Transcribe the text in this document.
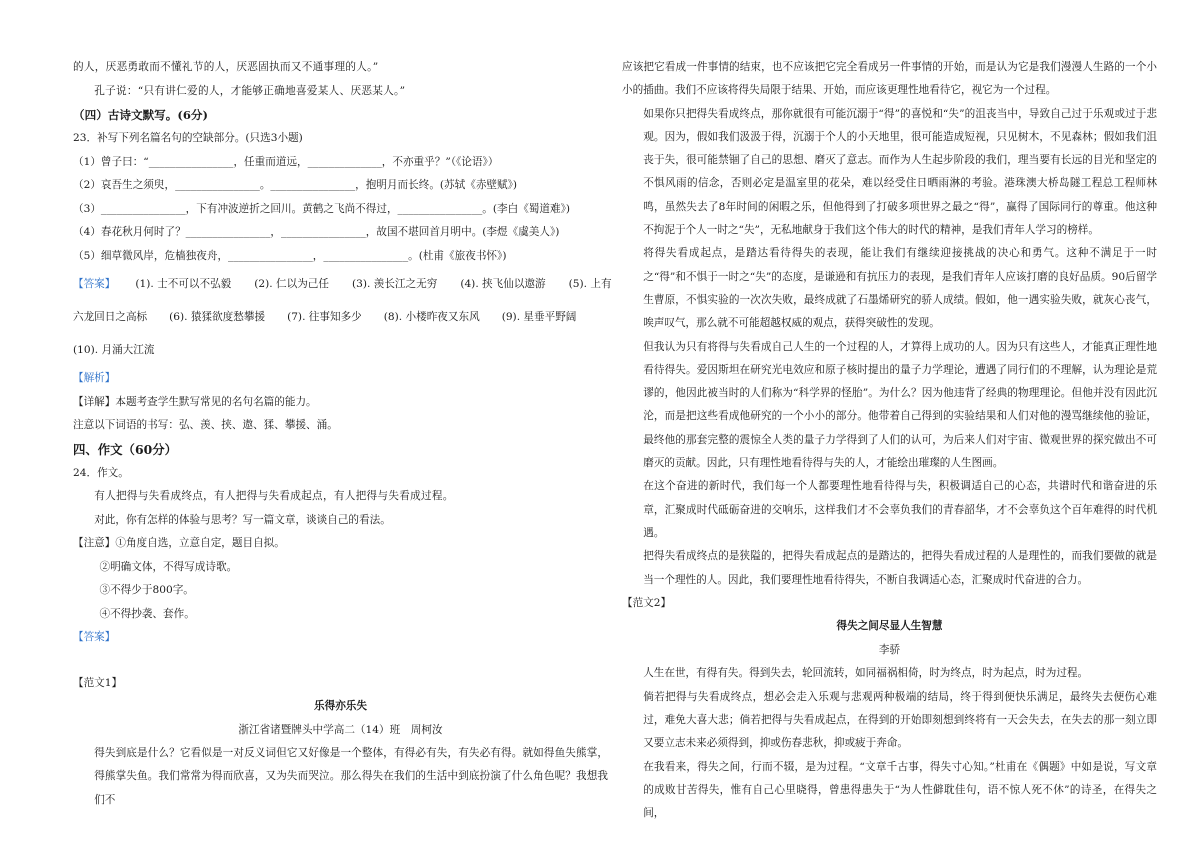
的人，厌恶勇敢而不懂礼节的人，厌恶固执而又不通事理的人。”
孔子说：“只有讲仁爱的人，才能够正确地喜爱某人、厌恶某人。”
（四）古诗文默写。(6分)
23．补写下列名篇名句的空缺部分。(只选3小题)
（1）曾子曰：“________________，任重而道远，______________，不亦重乎？”（《论语》）
（2）哀吾生之须臾，________________。________________，抱明月而长终。(苏轼《赤壁赋》)
（3）________________，下有冲波逆折之回川。黄鹤之飞尚不得过，________________。(李白《蜀道难》)
（4）春花秋月何时了？________________，________________，故国不堪回首月明中。(李煜《虞美人》)
（5）细草微风岸，危樯独夜舟，________________，________________。(杜甫《旅夜书怀》)
【答案】 (1). 士不可以不弘毅 (2). 仁以为己任 (3). 羡长江之无穷 (4). 挟飞仙以遨游 (5). 上有
六龙回日之高标 (6). 猿猱欲度愁攀援 (7). 往事知多少 (8). 小楼昨夜又东风 (9). 星垂平野阔
(10). 月涌大江流
【解析】
【详解】本题考查学生默写常见的名句名篇的能力。
注意以下词语的书写：弘、羡、挟、遨、猱、攀援、涌。
四、作文（60分）
24．作文。
有人把得与失看成终点，有人把得与失看成起点，有人把得与失看成过程。
对此，你有怎样的体验与思考？写一篇文章，谈谈自己的看法。
【注意】①角度自选，立意自定，题目自拟。
②明确文体，不得写成诗歌。
③不得少于800字。
④不得抄袭、套作。
【答案】
【范文1】
乐得亦乐失
浙江省诸暨牌头中学高二（14）班　周柯汝
得失到底是什么？它看似是一对反义词但它又好像是一个整体，有得必有失，有失必有得。就如得鱼失熊掌，得熊掌失鱼。我们常常为得而欣喜，又为失而哭泣。那么得失在我们的生活中到底扮演了什么角色呢？我想我们不
应该把它看成一件事情的结束，也不应该把它完全看成另一件事情的开始，而是认为它是我们漫漫人生路的一个小小的插曲。我们不应该将得失局限于结果、开始，而应该更理性地看待它，视它为一个过程。
如果你只把得失看成终点，那你就很有可能沉溺于“得”的喜悦和“失”的沮丧当中，导致自己过于乐观或过于悲观。因为，假如我们汲汲于得，沉溺于个人的小天地里，很可能造成短视，只见树木，不见森林；假如我们沮丧于失，很可能禁锢了自己的思想、磨灭了意志。而作为人生起步阶段的我们，理当要有长远的目光和坚定的不惧风雨的信念，否则必定是温室里的花朵，难以经受住日晒雨淋的考验。港珠澳大桥岛隧工程总工程师林鸣，虽然失去了8年时间的闲暇之乐，但他得到了打破多项世界之最之“得”，赢得了国际同行的尊重。他这种不拘泥于个人一时之“失”，无私地献身于我们这个伟大的时代的精神，是我们青年人学习的榜样。
将得失看成起点，是踏达看待得失的表现，能让我们有继续迎接挑战的决心和勇气。这种不满足于一时之“得”和不惧于一时之“失”的态度，是谦逊和有抗压力的表现，是我们青年人应该打磨的良好品质。90后留学生曹原，不惧实验的一次次失败，最终成就了石墨烯研究的骄人成绩。假如，他一遇实验失败，就灰心丧气，唉声叹气，那么就不可能超越权威的观点，获得突破性的发现。
但我认为只有将得与失看成自己人生的一个过程的人，才算得上成功的人。因为只有这些人，才能真正理性地看待得失。爱因斯坦在研究光电效应和原子核时提出的量子力学理论，遭遇了同行们的不理解，认为理论是荒谬的，他因此被当时的人们称为“科学界的怪胎”。为什么？因为他违背了经典的物理理论。但他并没有因此沉沦，而是把这些看成他研究的一个小小的部分。他带着自己得到的实验结果和人们对他的漫骂继续他的验证，最终他的那套完整的震惊全人类的量子力学得到了人们的认可，为后来人们对宇宙、微观世界的探究做出不可磨灭的贡献。因此，只有理性地看待得与失的人，才能绘出璀璨的人生图画。
在这个奋进的新时代，我们每一个人都要理性地看待得与失，积极调适自己的心态，共谱时代和谐奋进的乐章，汇聚成时代砥砺奋进的交响乐，这样我们才不会辜负我们的青春韶华，才不会辜负这个百年难得的时代机遇。
把得失看成终点的是狭隘的，把得失看成起点的是踏达的，把得失看成过程的人是理性的，而我们要做的就是当一个理性的人。因此，我们要理性地看待得失，不断自我调适心态，汇聚成时代奋进的合力。
【范文2】
得失之间尽显人生智慧
李骄
人生在世，有得有失。得到失去，轮回流转，如同福祸相倚，时为终点，时为起点，时为过程。
倘若把得与失看成终点，想必会走入乐观与悲观两种极端的结局，终于得到便快乐满足，最终失去便伤心难过，难免大喜大悲；倘若把得与失看成起点，在得到的开始即刻想到终将有一天会失去，在失去的那一刻立即又要立志未来必须得到，抑或伤春悲秋，抑或疲于奔命。
在我看来，得失之间，行而不辍，是为过程。“文章千古事，得失寸心知。”杜甫在《偶题》中如是说，写文章的成败甘苦得失，惟有自己心里晓得，曾患得患失于“为人性僻耽佳句，语不惊人死不休”的诗圣，在得失之间，
